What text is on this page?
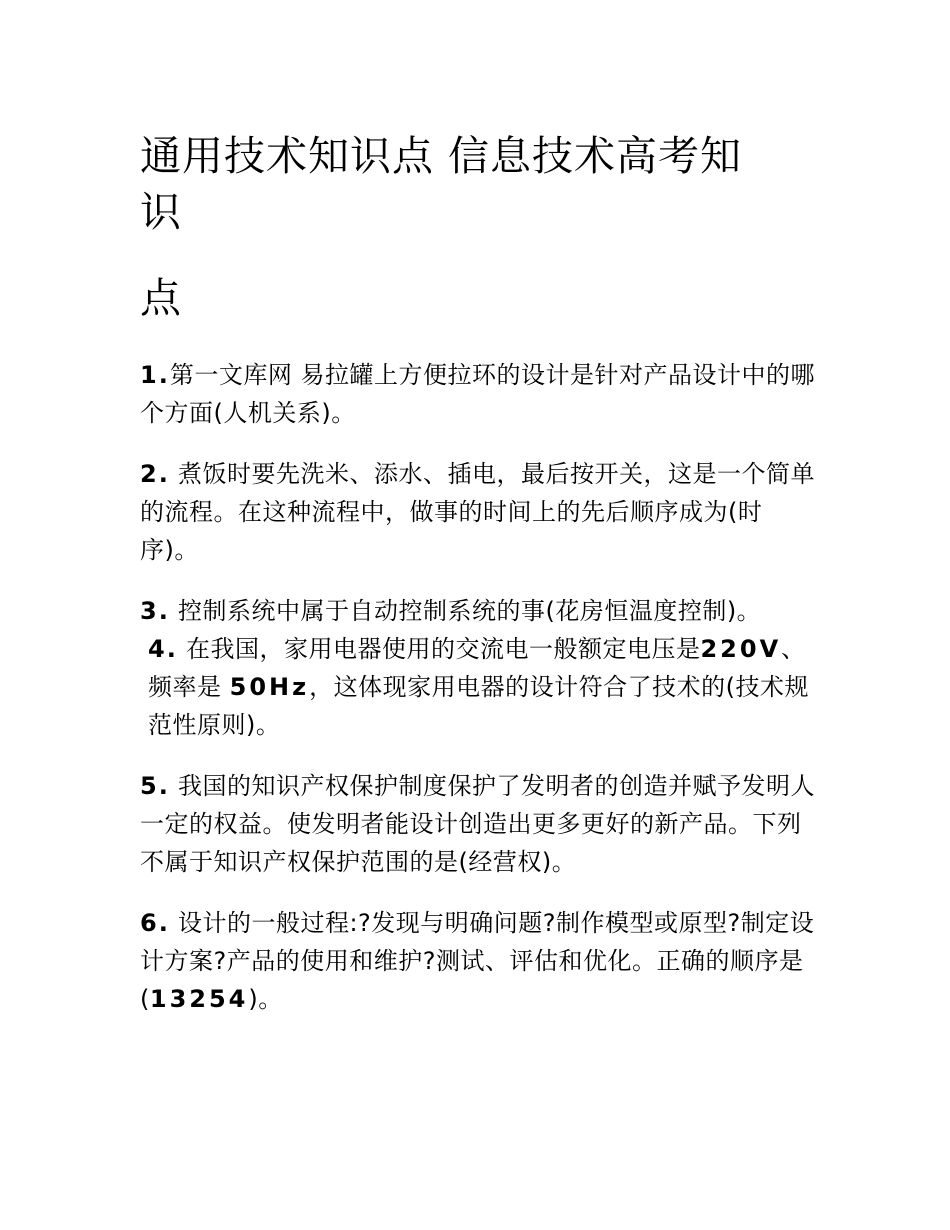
通用技术知识点 信息技术高考知
识
点

1.第一文库网 易拉罐上方便拉环的设计是针对产品设计中的哪个方面(人机关系)。

2. 煮饭时要先洗米、添水、插电，最后按开关，这是一个简单的流程。在这种流程中，做事的时间上的先后顺序成为(时序)。

3. 控制系统中属于自动控制系统的事(花房恒温度控制)。

4. 在我国，家用电器使用的交流电一般额定电压是220V、频率是 50Hz，这体现家用电器的设计符合了技术的(技术规范性原则)。

5. 我国的知识产权保护制度保护了发明者的创造并赋予发明人一定的权益。使发明者能设计创造出更多更好的新产品。下列不属于知识产权保护范围的是(经营权)。

6. 设计的一般过程:?发现与明确问题?制作模型或原型?制定设计方案?产品的使用和维护?测试、评估和优化。正确的顺序是(13254)。
